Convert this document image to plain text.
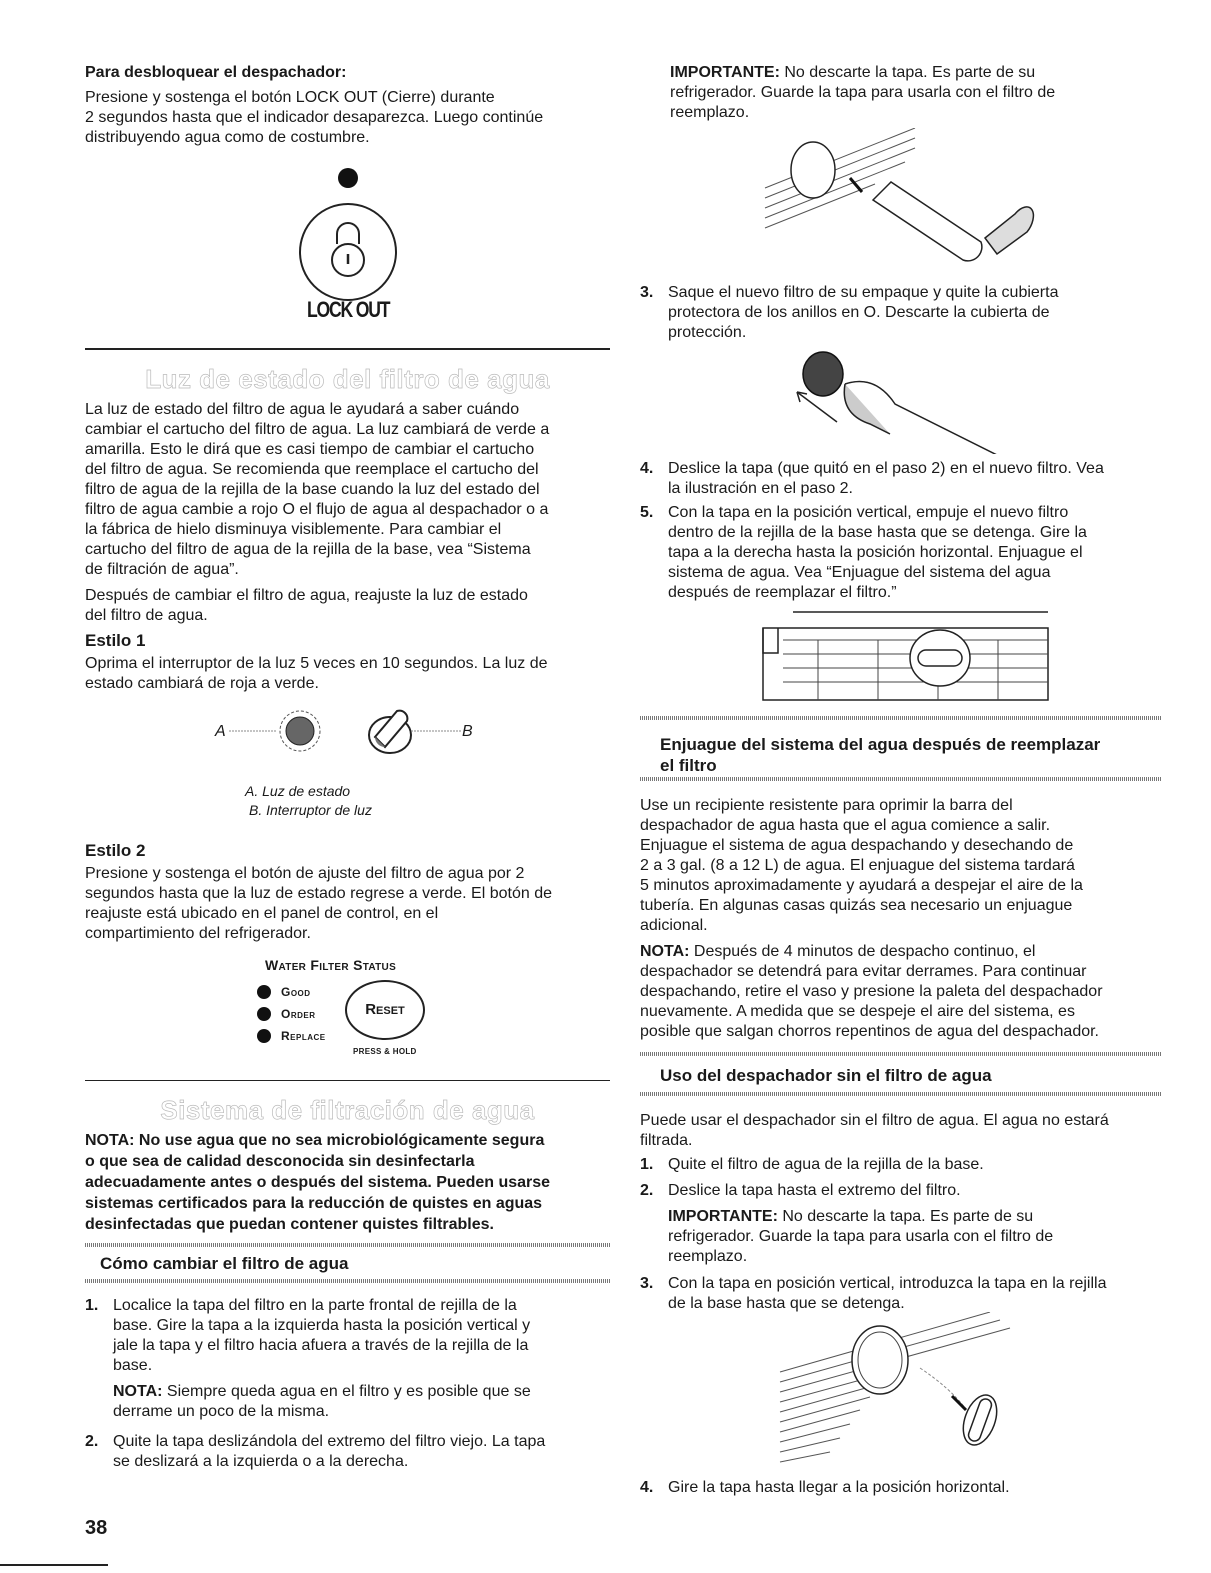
Para desbloquear el despachador:

Presione y sostenga el botón LOCK OUT (Cierre) durante

2 segundos hasta que el indicador desaparezca. Luego continúe

distribuyendo agua como de costumbre.

LOCK OUT

Luz de estado del filtro de agua

La luz de estado del filtro de agua le ayudará a saber cuándo

cambiar el cartucho del filtro de agua. La luz cambiará de verde a

amarilla. Esto le dirá que es casi tiempo de cambiar el cartucho

del filtro de agua. Se recomienda que reemplace el cartucho del

filtro de agua de la rejilla de la base cuando la luz del estado del

filtro de agua cambie a rojo O el flujo de agua al despachador o a

la fábrica de hielo disminuya visiblemente. Para cambiar el

cartucho del filtro de agua de la rejilla de la base, vea “Sistema

de filtración de agua”.

Después de cambiar el filtro de agua, reajuste la luz de estado

del filtro de agua.

Estilo 1

Oprima el interruptor de la luz 5 veces en 10 segundos. La luz de

estado cambiará de roja a verde.

A	B

A. Luz de estado

B. Interruptor de luz

Estilo 2

Presione y sostenga el botón de ajuste del filtro de agua por 2

segundos hasta que la luz de estado regrese a verde. El botón de

reajuste está ubicado en el panel de control, en el

compartimiento del refrigerador.

Water Filter Status

Good
Order
Replace
Reset
PRESS & HOLD

Sistema de filtración de agua

NOTA: No use agua que no sea microbiológicamente segura

o que sea de calidad desconocida sin desinfectarla

adecuadamente antes o después del sistema. Pueden usarse

sistemas certificados para la reducción de quistes en aguas

desinfectadas que puedan contener quistes filtrables.

Cómo cambiar el filtro de agua

1. Localice la tapa del filtro en la parte frontal de rejilla de la

base. Gire la tapa a la izquierda hasta la posición vertical y

jale la tapa y el filtro hacia afuera a través de la rejilla de la

base.

NOTA: Siempre queda agua en el filtro y es posible que se

derrame un poco de la misma.

2. Quite la tapa deslizándola del extremo del filtro viejo. La tapa

se deslizará a la izquierda o a la derecha.

38

IMPORTANTE: No descarte la tapa. Es parte de su

refrigerador. Guarde la tapa para usarla con el filtro de

reemplazo.

3. Saque el nuevo filtro de su empaque y quite la cubierta

protectora de los anillos en O. Descarte la cubierta de

protección.

4. Deslice la tapa (que quitó en el paso 2) en el nuevo filtro. Vea

la ilustración en el paso 2.

5. Con la tapa en la posición vertical, empuje el nuevo filtro

dentro de la rejilla de la base hasta que se detenga. Gire la

tapa a la derecha hasta la posición horizontal. Enjuague el

sistema de agua. Vea “Enjuague del sistema del agua

después de reemplazar el filtro.”

Enjuague del sistema del agua después de reemplazar

el filtro

Use un recipiente resistente para oprimir la barra del

despachador de agua hasta que el agua comience a salir.

Enjuague el sistema de agua despachando y desechando de

2 a 3 gal. (8 a 12 L) de agua. El enjuague del sistema tardará

5 minutos aproximadamente y ayudará a despejar el aire de la

tubería. En algunas casas quizás sea necesario un enjuague

adicional.

NOTA: Después de 4 minutos de despacho continuo, el

despachador se detendrá para evitar derrames. Para continuar

despachando, retire el vaso y presione la paleta del despachador

nuevamente. A medida que se despeje el aire del sistema, es

posible que salgan chorros repentinos de agua del despachador.

Uso del despachador sin el filtro de agua

Puede usar el despachador sin el filtro de agua. El agua no estará

filtrada.

1. Quite el filtro de agua de la rejilla de la base.

2. Deslice la tapa hasta el extremo del filtro.

IMPORTANTE: No descarte la tapa. Es parte de su

refrigerador. Guarde la tapa para usarla con el filtro de

reemplazo.

3. Con la tapa en posición vertical, introduzca la tapa en la rejilla

de la base hasta que se detenga.

4. Gire la tapa hasta llegar a la posición horizontal.
